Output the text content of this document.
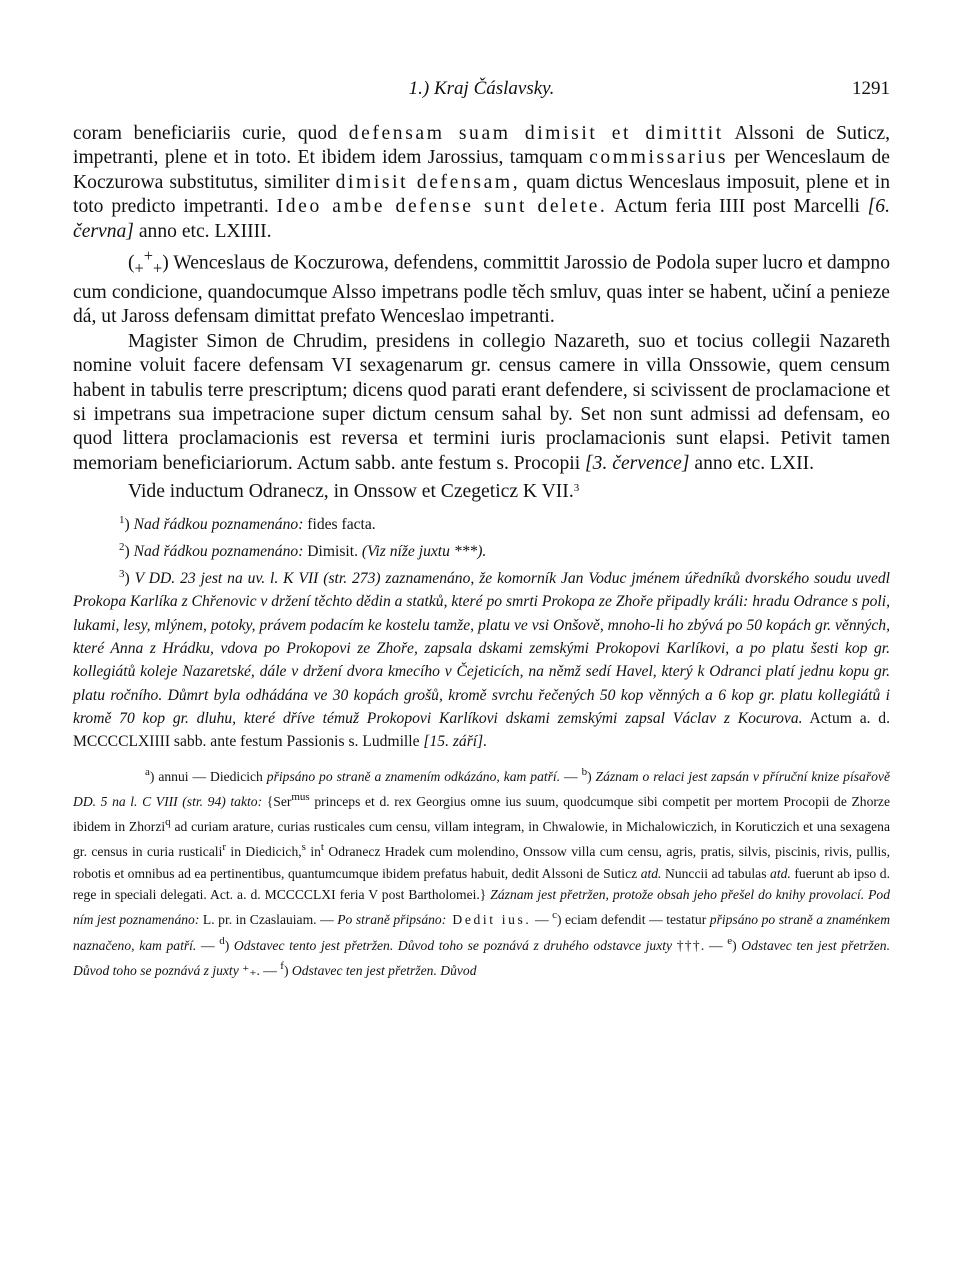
1.) Kraj Čáslavsky.	1291

coram beneficiariis curie, quod defensam suam dimisit et dimittit Alssoni de Suticz, impetranti, plene et in toto. Et ibidem idem Jarossius, tamquam commissarius per Wenceslaum de Koczurowa substitutus, similiter dimisit defensam, quam dictus Wenceslaus imposuit, plene et in toto predicto impetranti. Ideo ambe defense sunt delete. Actum feria IIII post Marcelli [6. června] anno etc. LXIIII.

$(_+^+_+)$ Wenceslaus de Koczurowa, defendens, committit Jarossio de Podola super lucro et dampno cum condicione, quandocumque Alsso impetrans podle těch smluv, quas inter se habent, učiní a penieze dá, ut Jaross defensam dimittat prefato Wenceslao impetranti.

Magister Simon de Chrudim, presidens in collegio Nazareth, suo et tocius collegii Nazareth nomine voluit facere defensam VI sexagenarum gr. census camere in villa Onssowie, quem censum habent in tabulis terre prescriptum; dicens quod parati erant defendere, si scivissent de proclamacione et si impetrans sua impetracione super dictum censum sahal by. Set non sunt admissi ad defensam, eo quod littera proclamacionis est reversa et termini iuris proclamacionis sunt elapsi. Petivit tamen memoriam beneficiariorum. Actum sabb. ante festum s. Procopii [3. července] anno etc. LXII.

Vide inductum Odranecz, in Onssow et Czegeticz K VII.$^3$

$^1$) Nad řádkou poznamenáno: fides facta.

$^2$) Nad řádkou poznamenáno: Dimisit. (Viz níže juxtu ***).

$^3$) V DD. 23 jest na uv. l. K VII (str. 273) zaznamenáno, že komorník Jan Voduc jménem úředníků dvorského soudu uvedl Prokopa Karlíka z Chřenovic v držení těchto dědin a statků, které po smrti Prokopa ze Zhoře připadly králi: hradu Odrance s poli, lukami, lesy, mlýnem, potoky, právem podacím ke kostelu tamže, platu ve vsi Onšově, mnoho-li ho zbývá po 50 kopách gr. věnných, které Anna z Hrádku, vdova po Prokopovi ze Zhoře, zapsala dskami zemskými Prokopovi Karlíkovi, a po platu šesti kop gr. kollegiátů koleje Nazaretské, dále v držení dvora kmecího v Čejeticích, na němž sedí Havel, který k Odranci platí jednu kopu gr. platu ročního. Důmrt byla odhádána ve 30 kopách grošů, kromě svrchu řečených 50 kop věnných a 6 kop gr. platu kollegiátů i kromě 70 kop gr. dluhu, které dříve témuž Prokopovi Karlíkovi dskami zemskými zapsal Václav z Kocurova. Actum a. d. MCCCCLXIIII sabb. ante festum Passionis s. Ludmille [15. září].

$^a$) annui — Diedicich připsáno po straně a znamením odkázáno, kam patří. — $^b$) Záznam o relaci jest zapsán v příruční knize písařově DD. 5 na l. C VIII (str. 94) takto: {Ser$^{mus}$ princeps et d. rex Georgius omne ius suum, quodcumque sibi competit per mortem Procopii de Zhorze ibidem in Zhorzi$^q$ ad curiam arature, curias rusticales cum censu, villam integram, in Chwalowie, in Michalowiczich, in Koruticzich et una sexagena gr. census in curia rusticali$^r$ in Diedicich,$^s$ $in^t$ Odranecz Hradek cum molendino, Onssow villa cum censu, agris, pratis, silvis, piscinis, rivis, pullis, robotis et omnibus ad ea pertinentibus, quantumcumque ibidem prefatus habuit, dedit Alssoni de Suticz atd. Nunccii ad tabulas atd. fuerunt ab ipso d. rege in speciali delegati. Act. a. d. MCCCCLXI feria V post Bartholomei.} Záznam jest přetržen, protože obsah jeho přešel do knihy provolací. Pod ním jest poznamenáno: L. pr. in Czaslauiam. — Po straně připsáno: Dedit ius. — $^c$) eciam defendit — testatur připsáno po straně a znaménkem naznačeno, kam patří. — $^d$) Odstavec tento jest přetržen. Důvod toho se poznává z druhého odstavce juxty †††. — $^e$) Odstavec ten jest přetržen. Důvod toho se poznává z juxty ⁺₊. — $^f$) Odstavec ten jest přetržen. Důvod
